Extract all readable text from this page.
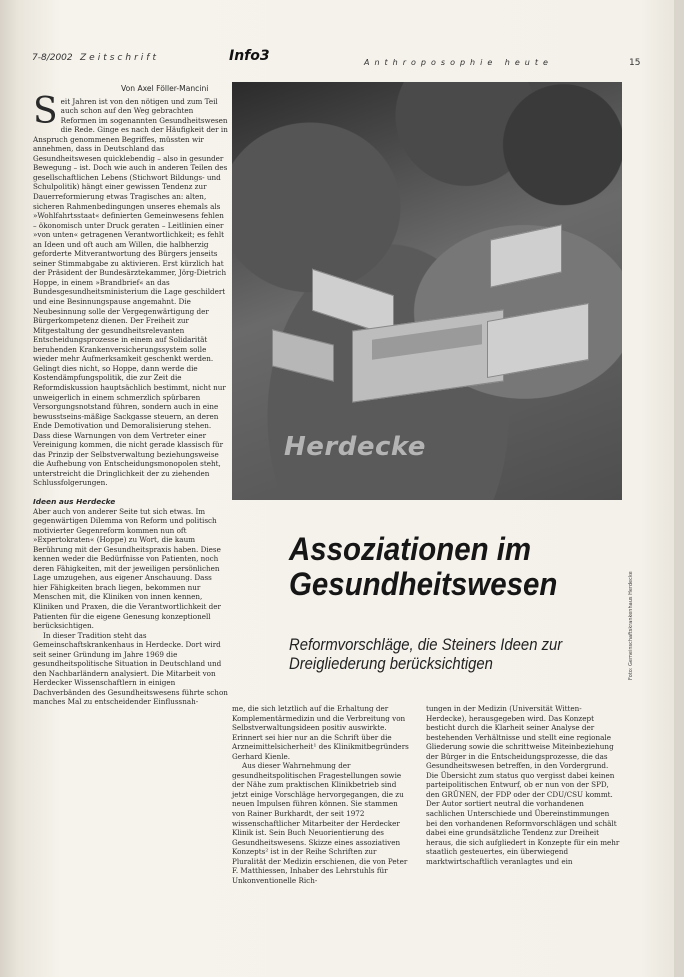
7-8/2002 Zeitschrift	Info3	Anthroposophie heute	15
Von Axel Föller-Mancini

Seit Jahren ist von den nötigen und zum Teil auch schon auf den Weg gebrachten Reformen im sogenannten Gesundheitswesen die Rede. Ginge es nach der Häufigkeit der in Anspruch genommenen Begriffes, müssten wir annehmen, dass in Deutschland das Gesundheitswesen quicklebendig – also in gesunder Bewegung – ist. Doch wie auch in anderen Teilen des gesellschaftlichen Lebens (Stichwort Bildungs- und Schulpolitik) hängt einer gewissen Tendenz zur Dauerreformierung etwas Tragisches an: alten, sicheren Rahmenbedingungen unseres ehemals als »Wohlfahrtsstaat« definierten Gemeinwesens fehlen – ökonomisch unter Druck geraten – Leitlinien einer »von unten« getragenen Verantwortlichkeit; es fehlt an Ideen und oft auch am Willen, die halbherzig geforderte Mitverantwortung des Bürgers jenseits seiner Stimmabgabe zu aktivieren. Erst kürzlich hat der Präsident der Bundesärztekammer, Jörg-Dietrich Hoppe, in einem »Brandbrief« an das Bundesgesundheitsministerium die Lage geschildert und eine Besinnungspause angemahnt. Die Neubesinnung solle der Vergegenwärtigung der Bürgerkompetenz dienen. Der Freiheit zur Mitgestaltung der gesundheitsrelevanten Entscheidungsprozesse in einem auf Solidarität beruhenden Krankenversicherungssystem solle wieder mehr Aufmerksamkeit geschenkt werden. Gelingt dies nicht, so Hoppe, dann werde die Kostendämpfungspolitik, die zur Zeit die Reformdiskussion hauptsächlich bestimmt, nicht nur unweigerlich in einem schmerzlich spürbaren Versorgungsnotstand führen, sondern auch in eine bewusstseins-mäßige Sackgasse steuern, an deren Ende Demotivation und Demoralisierung stehen. Dass diese Warnungen von dem Vertreter einer Vereinigung kommen, die nicht gerade klassisch für das Prinzip der Selbstverwaltung beziehungsweise die Aufhebung von Entscheidungsmonopolen steht, unterstreicht die Dringlichkeit der zu ziehenden Schlussfolgerungen.

Ideen aus Herdecke

Aber auch von anderer Seite tut sich etwas. Im gegenwärtigen Dilemma von Reform und politisch motivierter Gegenreform kommen nun oft »Expertokraten« (Hoppe) zu Wort, die kaum Berührung mit der Gesundheitspraxis haben. Diese kennen weder die Bedürfnisse von Patienten, noch deren Fähigkeiten, mit der jeweiligen persönlichen Lage umzugehen, aus eigener Anschauung. Dass hier Fähigkeiten brach liegen, bekommen nur Menschen mit, die Kliniken von innen kennen, Kliniken und Praxen, die die Verantwortlichkeit der Patienten für die eigene Genesung konzeptionell berücksichtigen.

In dieser Tradition steht das Gemeinschaftskrankenhaus in Herdecke. Dort wird seit seiner Gründung im Jahre 1969 die gesundheitspolitische Situation in Deutschland und den Nachbarländern analysiert. Die Mitarbeit von Herdecker Wissenschaftlern in einigen Dachverbänden des Gesundheitswesens führte schon manches Mal zu entscheidender Einflussnah-

Herdecke
Foto: Gemeinschaftskrankenhaus Herdecke
Assoziationen im Gesundheitswesen
Reformvorschläge, die Steiners Ideen zur Dreigliederung berücksichtigen

me, die sich letztlich auf die Erhaltung der Komplementärmedizin und die Verbreitung von Selbstverwaltungsideen positiv auswirkte. Erinnert sei hier nur an die Schrift über die Arzneimittelsicherheit¹ des Klinikmitbegründers Gerhard Kienle.

Aus dieser Wahrnehmung der gesundheitspolitischen Fragestellungen sowie der Nähe zum praktischen Klinikbetrieb sind jetzt einige Vorschläge hervorgegangen, die zu neuen Impulsen führen können. Sie stammen von Rainer Burkhardt, der seit 1972 wissenschaftlicher Mitarbeiter der Herdecker Klinik ist. Sein Buch Neuorientierung des Gesundheitswesens. Skizze eines assoziativen Konzepts² ist in der Reihe Schriften zur Pluralität der Medizin erschienen, die von Peter F. Matthiessen, Inhaber des Lehrstuhls für Unkonventionelle Rich-

tungen in der Medizin (Universität Witten-Herdecke), herausgegeben wird. Das Konzept besticht durch die Klarheit seiner Analyse der bestehenden Verhältnisse und stellt eine regionale Gliederung sowie die schrittweise Miteinbeziehung der Bürger in die Entscheidungsprozesse, die das Gesundheitswesen betreffen, in den Vordergrund. Die Übersicht zum status quo vergisst dabei keinen parteipolitischen Entwurf, ob er nun von der SPD, den GRÜNEN, der FDP oder der CDU/CSU kommt. Der Autor sortiert neutral die vorhandenen sachlichen Unterschiede und Übereinstimmungen bei den vorhandenen Reformvorschlägen und schält dabei eine grundsätzliche Tendenz zur Dreiheit heraus, die sich aufgliedert in Konzepte für ein mehr staatlich gesteuertes, ein überwiegend marktwirtschaftlich veranlagtes und ein
